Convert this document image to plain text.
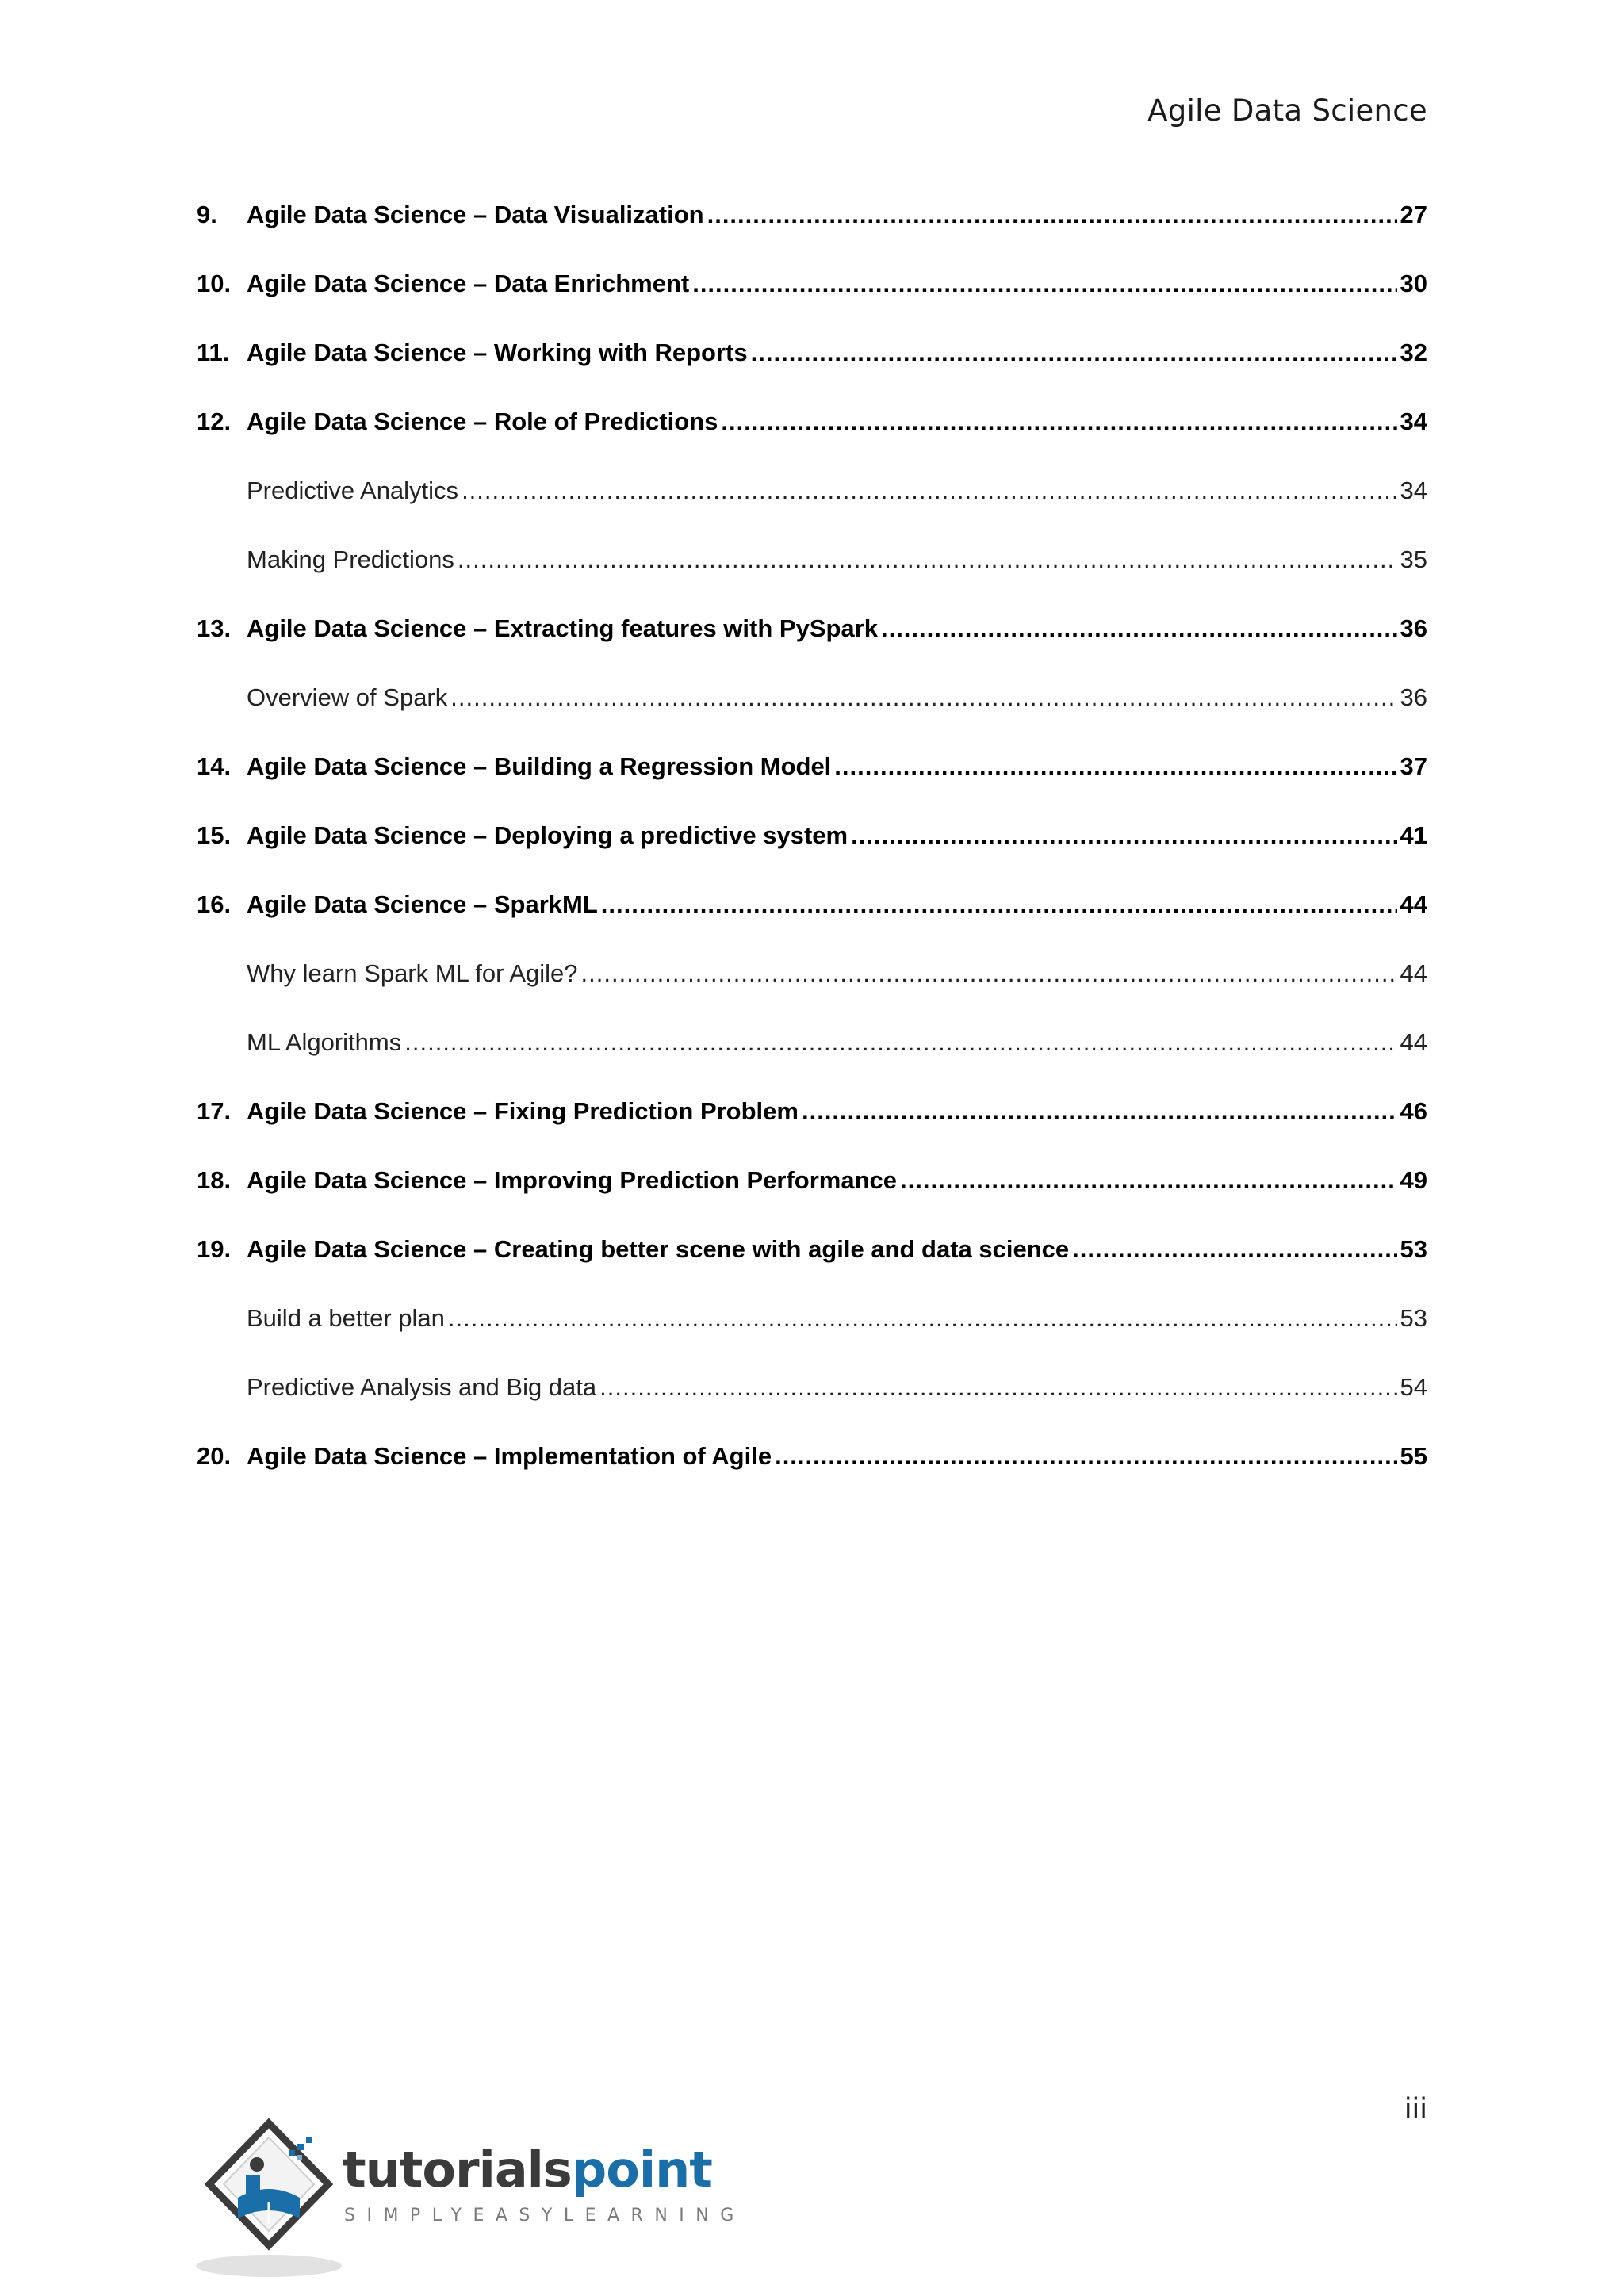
Agile Data Science
9.	Agile Data Science – Data Visualization .....	27
10. Agile Data Science – Data Enrichment .....	30
11. Agile Data Science – Working with Reports .....	32
12. Agile Data Science – Role of Predictions .....	34
Predictive Analytics .....	34
Making Predictions .....	35
13. Agile Data Science – Extracting features with PySpark .....	36
Overview of Spark .....	36
14. Agile Data Science – Building a Regression Model .....	37
15. Agile Data Science – Deploying a predictive system .....	41
16. Agile Data Science – SparkML .....	44
Why learn Spark ML for Agile? .....	44
ML Algorithms .....	44
17. Agile Data Science – Fixing Prediction Problem .....	46
18. Agile Data Science – Improving Prediction Performance .....	49
19. Agile Data Science – Creating better scene with agile and data science .....	53
Build a better plan .....	53
Predictive Analysis and Big data .....	54
20. Agile Data Science – Implementation of Agile .....	55
iii
tutorialspoint
SIMPLYEASYLEARNING
